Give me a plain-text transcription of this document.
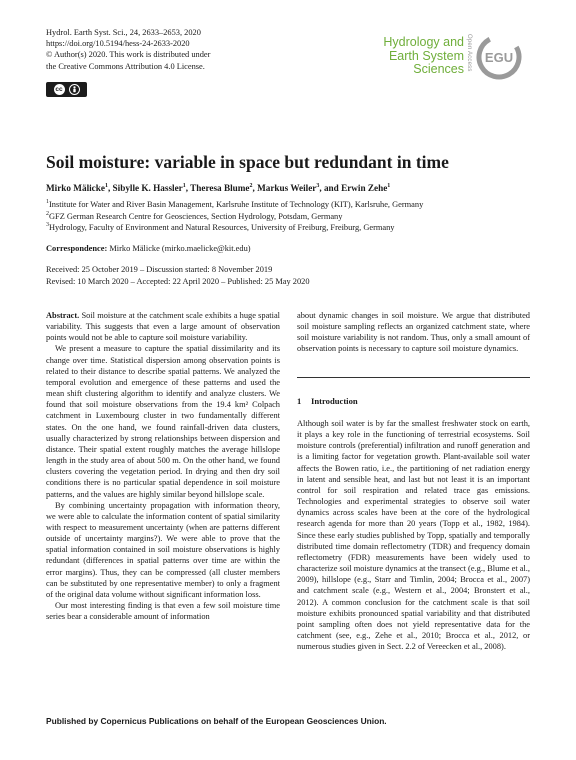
Hydrol. Earth Syst. Sci., 24, 2633–2653, 2020
https://doi.org/10.5194/hess-24-2633-2020
© Author(s) 2020. This work is distributed under
the Creative Commons Attribution 4.0 License.
cc
Hydrology and
Earth System
Sciences Open Access EGU
Soil moisture: variable in space but redundant in time
Mirko Mälicke$^1$, Sibylle K. Hassler$^1$, Theresa Blume$^2$, Markus Weiler$^3$, and Erwin Zehe$^1$
$^1$Institute for Water and River Basin Management, Karlsruhe Institute of Technology (KIT), Karlsruhe, Germany
$^2$GFZ German Research Centre for Geosciences, Section Hydrology, Potsdam, Germany
$^3$Hydrology, Faculty of Environment and Natural Resources, University of Freiburg, Freiburg, Germany
Correspondence: Mirko Mälicke (mirko.maelicke@kit.edu)
Received: 25 October 2019 – Discussion started: 8 November 2019
Revised: 10 March 2020 – Accepted: 22 April 2020 – Published: 25 May 2020

Abstract. Soil moisture at the catchment scale exhibits a huge spatial variability. This suggests that even a large amount of observation points would not be able to capture soil moisture variability.

We present a measure to capture the spatial dissimilarity and its change over time. Statistical dispersion among observation points is related to their distance to describe spatial patterns. We analyzed the temporal evolution and emergence of these patterns and used the mean shift clustering algorithm to identify and analyze clusters. We found that soil moisture observations from the 19.4 km² Colpach catchment in Luxembourg cluster in two fundamentally different states. On the one hand, we found rainfall-driven data clusters, usually characterized by strong relationships between dispersion and distance. Their spatial extent roughly matches the average hillslope length in the study area of about 500 m. On the other hand, we found clusters covering the vegetation period. In drying and then dry soil conditions there is no particular spatial dependence in soil moisture patterns, and the values are highly similar beyond hillslope scale.

By combining uncertainty propagation with information theory, we were able to calculate the information content of spatial similarity with respect to measurement uncertainty (when are patterns different outside of uncertainty margins?). We were able to prove that the spatial information contained in soil moisture observations is highly redundant (differences in spatial patterns over time are within the error margins). Thus, they can be compressed (all cluster members can be substituted by one representative member) to only a fragment of the original data volume without significant information loss.

Our most interesting finding is that even a few soil moisture time series bear a considerable amount of information

about dynamic changes in soil moisture. We argue that distributed soil moisture sampling reflects an organized catchment state, where soil moisture variability is not random. Thus, only a small amount of observation points is necessary to capture soil moisture dynamics.

1 Introduction

Although soil water is by far the smallest freshwater stock on earth, it plays a key role in the functioning of terrestrial ecosystems. Soil moisture controls (preferential) infiltration and runoff generation and is a limiting factor for vegetation growth. Plant-available soil water affects the Bowen ratio, i.e., the partitioning of net radiation energy in latent and sensible heat, and last but not least it is an important control for soil respiration and related trace gas emissions. Technologies and experimental strategies to observe soil water dynamics across scales have been at the core of the hydrological research agenda for more than 20 years (Topp et al., 1982, 1984). Since these early studies published by Topp, spatially and temporally distributed time domain reflectometry (TDR) and frequency domain reflectometry (FDR) measurements have been widely used to characterize soil moisture dynamics at the transect (e.g., Blume et al., 2009), hillslope (e.g., Starr and Timlin, 2004; Brocca et al., 2007) and catchment scale (e.g., Western et al., 2004; Bronstert et al., 2012). A common conclusion for the catchment scale is that soil moisture exhibits pronounced spatial variability and that distributed point sampling often does not yield representative data for the catchment (see, e.g., Zehe et al., 2010; Brocca et al., 2012, or numerous studies given in Sect. 2.2 of Vereecken et al., 2008).

Published by Copernicus Publications on behalf of the European Geosciences Union.
